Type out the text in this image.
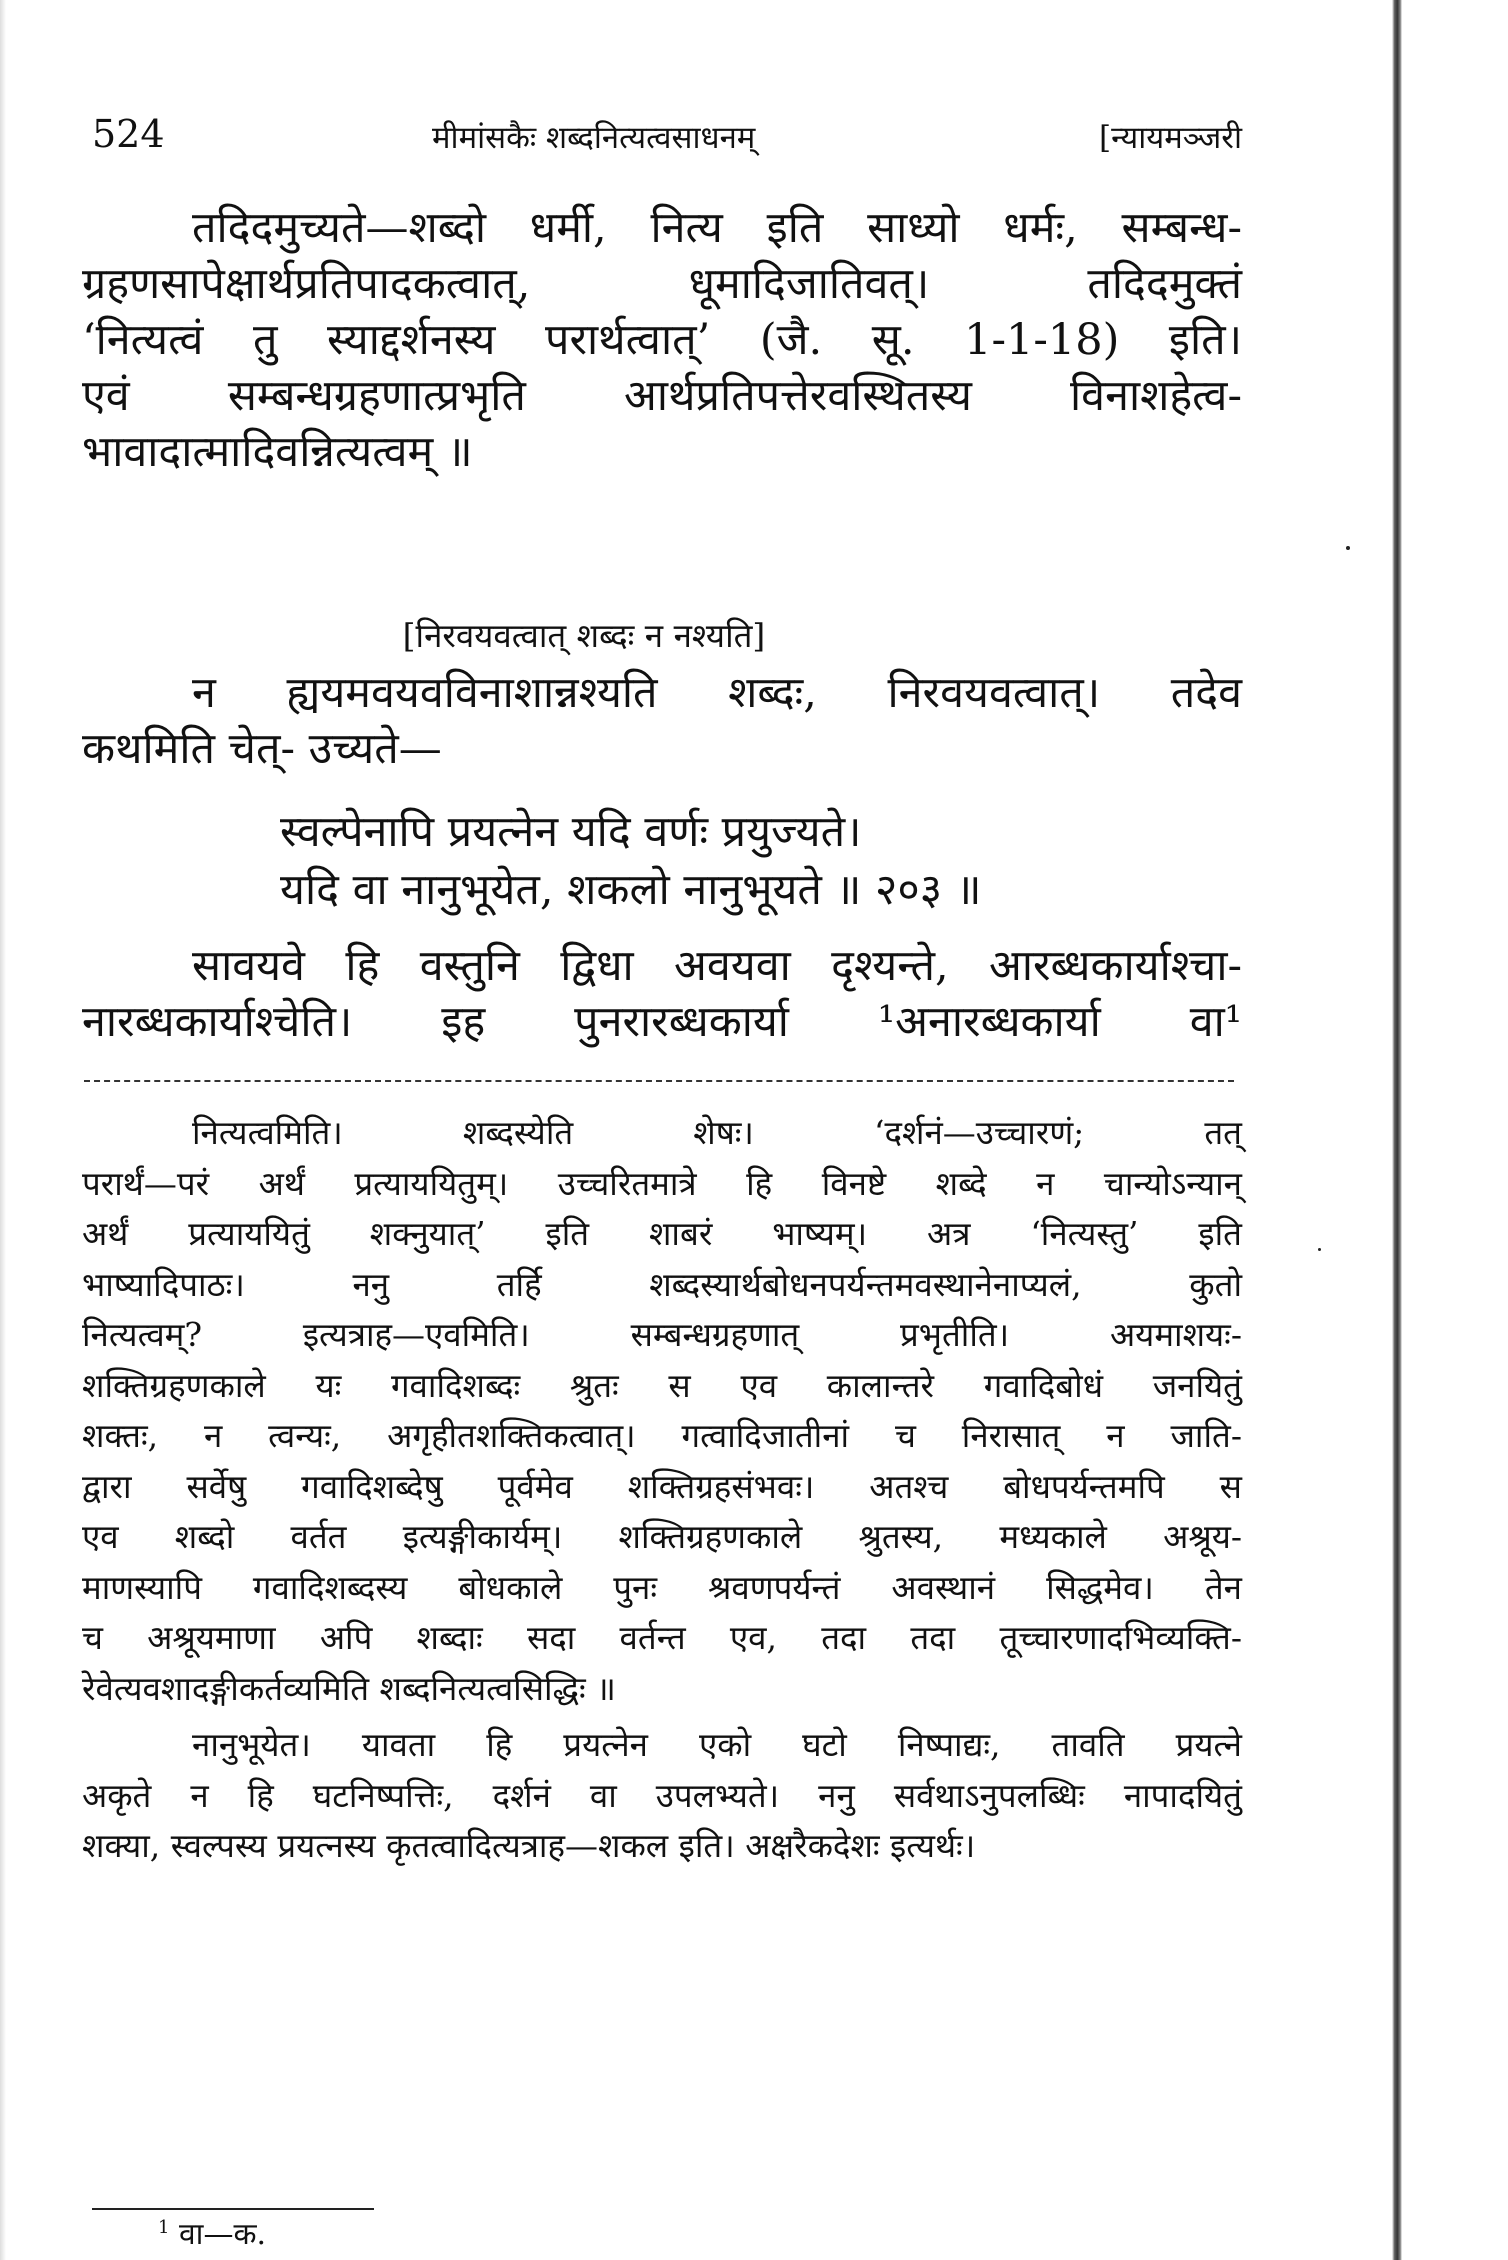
524	मीमांसकैः शब्दनित्यत्वसाधनम्	[न्यायमञ्जरी
तदिदमुच्यते—शब्दो धर्मी, नित्य इति साध्यो धर्मः, सम्बन्ध-
ग्रहणसापेक्षार्थप्रतिपादकत्वात्, धूमादिजातिवत्। तदिदमुक्तं
‘नित्यत्वं तु स्याद्दर्शनस्य परार्थत्वात्’ (जै. सू. 1-1-18) इति।
एवं सम्बन्धग्रहणात्प्रभृति आर्थप्रतिपत्तेरवस्थितस्य विनाशहेत्व-
भावादात्मादिवन्नित्यत्वम् ॥
[निरवयवत्वात् शब्दः न नश्यति]
न ह्ययमवयवविनाशान्नश्यति शब्दः, निरवयवत्वात्। तदेव
कथमिति चेत्- उच्यते—
स्वल्पेनापि प्रयत्नेन यदि वर्णः प्रयुज्यते।
यदि वा नानुभूयेत, शकलो नानुभूयते ॥ २०३ ॥
सावयवे हि वस्तुनि द्विधा अवयवा दृश्यन्ते, आरब्धकार्याश्चा-
नारब्धकार्याश्चेति। इह पुनरारब्धकार्या ¹अनारब्धकार्या वा¹
नित्यत्वमिति। शब्दस्येति शेषः। ‘दर्शनं—उच्चारणं; तत्
परार्थं—परं अर्थं प्रत्याययितुम्। उच्चरितमात्रे हि विनष्टे शब्दे न चान्योऽन्यान्
अर्थं प्रत्याययितुं शक्नुयात्’ इति शाबरं भाष्यम्। अत्र ‘नित्यस्तु’ इति
भाष्यादिपाठः। ननु तर्हि शब्दस्यार्थबोधनपर्यन्तमवस्थानेनाप्यलं, कुतो
नित्यत्वम्? इत्यत्राह—एवमिति। सम्बन्धग्रहणात् प्रभृतीति। अयमाशयः-
शक्तिग्रहणकाले यः गवादिशब्दः श्रुतः स एव कालान्तरे गवादिबोधं जनयितुं
शक्तः, न त्वन्यः, अगृहीतशक्तिकत्वात्। गत्वादिजातीनां च निरासात् न जाति-
द्वारा सर्वेषु गवादिशब्देषु पूर्वमेव शक्तिग्रहसंभवः। अतश्च बोधपर्यन्तमपि स
एव शब्दो वर्तत इत्यङ्गीकार्यम्। शक्तिग्रहणकाले श्रुतस्य, मध्यकाले अश्रूय-
माणस्यापि गवादिशब्दस्य बोधकाले पुनः श्रवणपर्यन्तं अवस्थानं सिद्धमेव। तेन
च अश्रूयमाणा अपि शब्दाः सदा वर्तन्त एव, तदा तदा तूच्चारणादभिव्यक्ति-
रेवेत्यवशादङ्गीकर्तव्यमिति शब्दनित्यत्वसिद्धिः ॥
नानुभूयेत। यावता हि प्रयत्नेन एको घटो निष्पाद्यः, तावति प्रयत्ने
अकृते न हि घटनिष्पत्तिः, दर्शनं वा उपलभ्यते। ननु सर्वथाऽनुपलब्धिः नापादयितुं
शक्या, स्वल्पस्य प्रयत्नस्य कृतत्वादित्यत्राह—शकल इति। अक्षरैकदेशः इत्यर्थः।
$^1$ वा—क.
